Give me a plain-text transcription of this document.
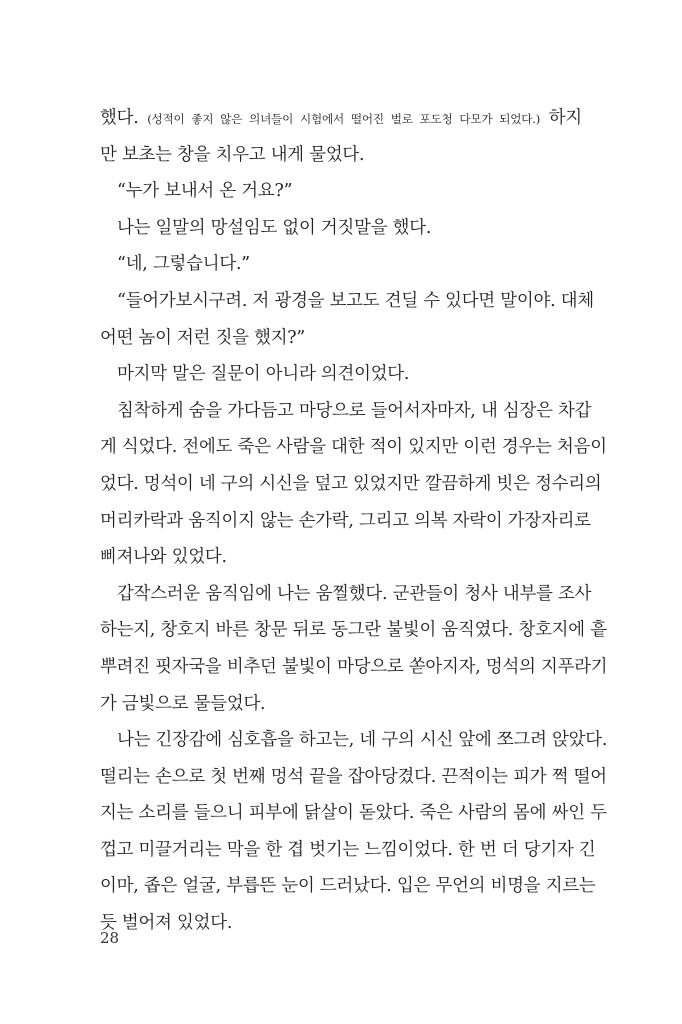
했다. (성적이 좋지 않은 의녀들이 시험에서 떨어진 벌로 포도청 다모가 되었다.) 하지
만 보초는 창을 치우고 내게 물었다.
“누가 보내서 온 거요?”
나는 일말의 망설임도 없이 거짓말을 했다.
“네, 그렇습니다.”
“들어가보시구려. 저 광경을 보고도 견딜 수 있다면 말이야. 대체
어떤 놈이 저런 짓을 했지?”
마지막 말은 질문이 아니라 의견이었다.
침착하게 숨을 가다듬고 마당으로 들어서자마자, 내 심장은 차갑
게 식었다. 전에도 죽은 사람을 대한 적이 있지만 이런 경우는 처음이
었다. 멍석이 네 구의 시신을 덮고 있었지만 깔끔하게 빗은 정수리의
머리카락과 움직이지 않는 손가락, 그리고 의복 자락이 가장자리로
삐져나와 있었다.
갑작스러운 움직임에 나는 움찔했다. 군관들이 청사 내부를 조사
하는지, 창호지 바른 창문 뒤로 동그란 불빛이 움직였다. 창호지에 흩
뿌려진 핏자국을 비추던 불빛이 마당으로 쏟아지자, 멍석의 지푸라기
가 금빛으로 물들었다.
나는 긴장감에 심호흡을 하고는, 네 구의 시신 앞에 쪼그려 앉았다.
떨리는 손으로 첫 번째 멍석 끝을 잡아당겼다. 끈적이는 피가 쩍 떨어
지는 소리를 들으니 피부에 닭살이 돋았다. 죽은 사람의 몸에 싸인 두
껍고 미끌거리는 막을 한 겹 벗기는 느낌이었다. 한 번 더 당기자 긴
이마, 좁은 얼굴, 부릅뜬 눈이 드러났다. 입은 무언의 비명을 지르는
듯 벌어져 있었다.
28
